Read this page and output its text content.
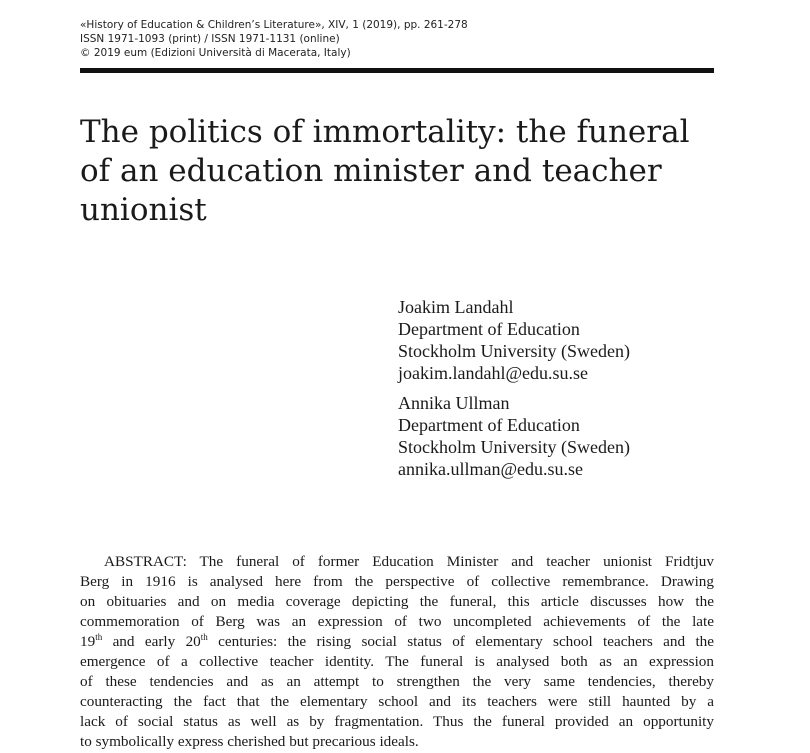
«History of Education & Children’s Literature», XIV, 1 (2019), pp. 261-278
ISSN 1971-1093 (print) / ISSN 1971-1131 (online)
© 2019 eum (Edizioni Università di Macerata, Italy)
The politics of immortality: the funeral
of an education minister and teacher
unionist
Joakim Landahl
Department of Education
Stockholm University (Sweden)
joakim.landahl@edu.su.se
Annika Ullman
Department of Education
Stockholm University (Sweden)
annika.ullman@edu.su.se
ABSTRACT: The funeral of former Education Minister and teacher unionist Fridtjuv
Berg in 1916 is analysed here from the perspective of collective remembrance. Drawing
on obituaries and on media coverage depicting the funeral, this article discusses how the
commemoration of Berg was an expression of two uncompleted achievements of the late
19th and early 20th centuries: the rising social status of elementary school teachers and the
emergence of a collective teacher identity. The funeral is analysed both as an expression
of these tendencies and as an attempt to strengthen the very same tendencies, thereby
counteracting the fact that the elementary school and its teachers were still haunted by a
lack of social status as well as by fragmentation. Thus the funeral provided an opportunity
to symbolically express cherished but precarious ideals.
